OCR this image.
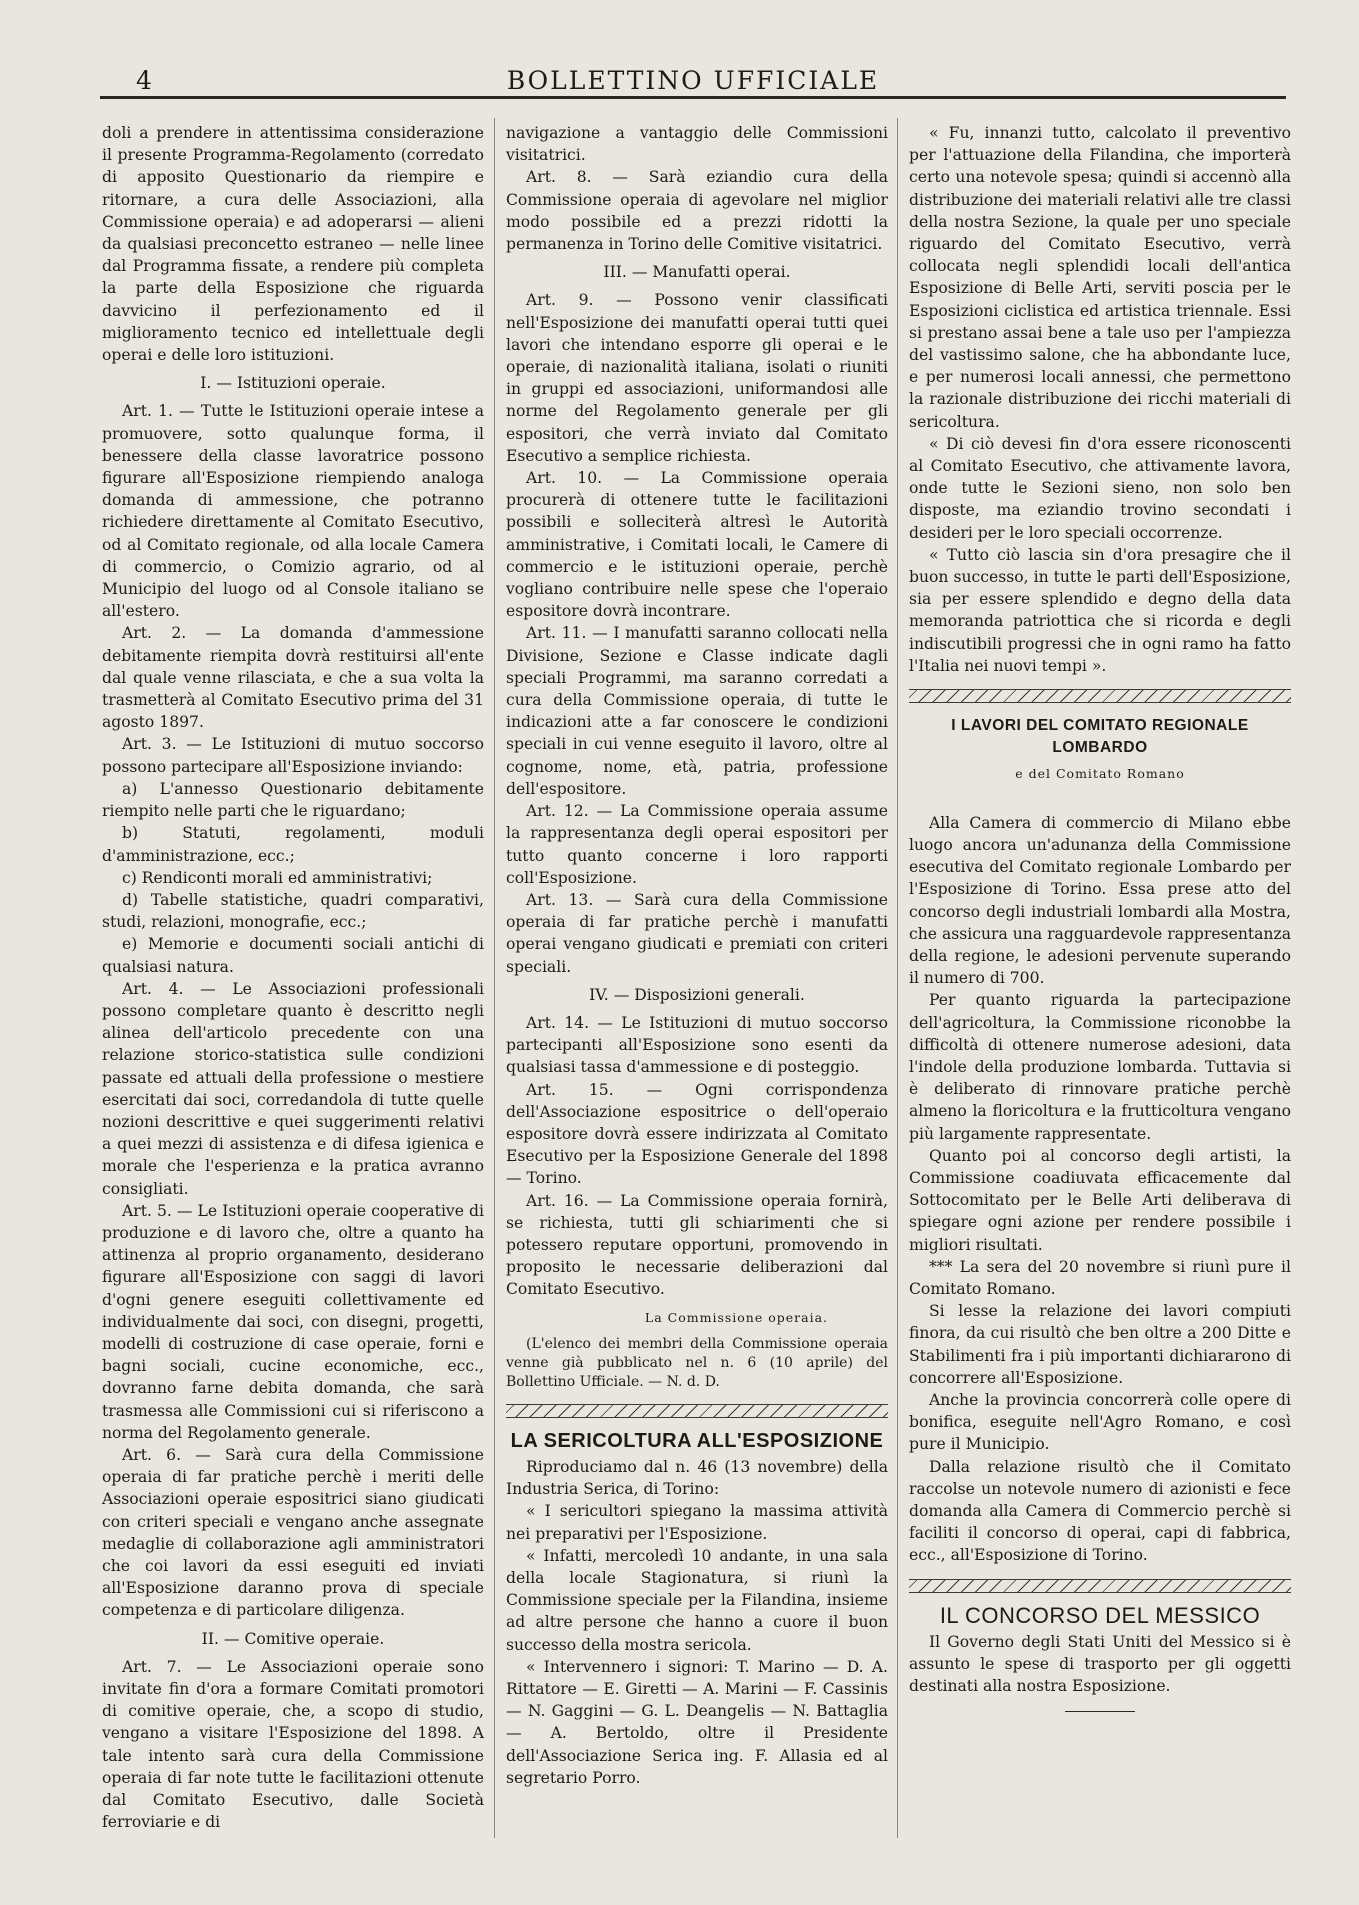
4	BOLLETTINO UFFICIALE

doli a prendere in attentissima considerazione il presente Programma-Regolamento (corredato di apposito Questionario da riempire e ritornare, a cura delle Associazioni, alla Commissione operaia) e ad adoperarsi — alieni da qualsiasi preconcetto estraneo — nelle linee dal Programma fissate, a rendere più completa la parte della Esposizione che riguarda davvicino il perfezionamento ed il miglioramento tecnico ed intellettuale degli operai e delle loro istituzioni.

I. — Istituzioni operaie.

Art. 1. — Tutte le Istituzioni operaie intese a promuovere, sotto qualunque forma, il benessere della classe lavoratrice possono figurare all'Esposizione riempiendo analoga domanda di ammessione, che potranno richiedere direttamente al Comitato Esecutivo, od al Comitato regionale, od alla locale Camera di commercio, o Comizio agrario, od al Municipio del luogo od al Console italiano se all'estero.

Art. 2. — La domanda d'ammessione debitamente riempita dovrà restituirsi all'ente dal quale venne rilasciata, e che a sua volta la trasmetterà al Comitato Esecutivo prima del 31 agosto 1897.

Art. 3. — Le Istituzioni di mutuo soccorso possono partecipare all'Esposizione inviando:

a) L'annesso Questionario debitamente riempito nelle parti che le riguardano;

b) Statuti, regolamenti, moduli d'amministrazione, ecc.;

c) Rendiconti morali ed amministrativi;

d) Tabelle statistiche, quadri comparativi, studi, relazioni, monografie, ecc.;

e) Memorie e documenti sociali antichi di qualsiasi natura.

Art. 4. — Le Associazioni professionali possono completare quanto è descritto negli alinea dell'articolo precedente con una relazione storico-statistica sulle condizioni passate ed attuali della professione o mestiere esercitati dai soci, corredandola di tutte quelle nozioni descrittive e quei suggerimenti relativi a quei mezzi di assistenza e di difesa igienica e morale che l'esperienza e la pratica avranno consigliati.

Art. 5. — Le Istituzioni operaie cooperative di produzione e di lavoro che, oltre a quanto ha attinenza al proprio organamento, desiderano figurare all'Esposizione con saggi di lavori d'ogni genere eseguiti collettivamente ed individualmente dai soci, con disegni, progetti, modelli di costruzione di case operaie, forni e bagni sociali, cucine economiche, ecc., dovranno farne debita domanda, che sarà trasmessa alle Commissioni cui si riferiscono a norma del Regolamento generale.

Art. 6. — Sarà cura della Commissione operaia di far pratiche perchè i meriti delle Associazioni operaie espositrici siano giudicati con criteri speciali e vengano anche assegnate medaglie di collaborazione agli amministratori che coi lavori da essi eseguiti ed inviati all'Esposizione daranno prova di speciale competenza e di particolare diligenza.

II. — Comitive operaie.

Art. 7. — Le Associazioni operaie sono invitate fin d'ora a formare Comitati promotori di comitive operaie, che, a scopo di studio, vengano a visitare l'Esposizione del 1898. A tale intento sarà cura della Commissione operaia di far note tutte le facilitazioni ottenute dal Comitato Esecutivo, dalle Società ferroviarie e di

navigazione a vantaggio delle Commissioni visitatrici.

Art. 8. — Sarà eziandio cura della Commissione operaia di agevolare nel miglior modo possibile ed a prezzi ridotti la permanenza in Torino delle Comitive visitatrici.

III. — Manufatti operai.

Art. 9. — Possono venir classificati nell'Esposizione dei manufatti operai tutti quei lavori che intendano esporre gli operai e le operaie, di nazionalità italiana, isolati o riuniti in gruppi ed associazioni, uniformandosi alle norme del Regolamento generale per gli espositori, che verrà inviato dal Comitato Esecutivo a semplice richiesta.

Art. 10. — La Commissione operaia procurerà di ottenere tutte le facilitazioni possibili e solleciterà altresì le Autorità amministrative, i Comitati locali, le Camere di commercio e le istituzioni operaie, perchè vogliano contribuire nelle spese che l'operaio espositore dovrà incontrare.

Art. 11. — I manufatti saranno collocati nella Divisione, Sezione e Classe indicate dagli speciali Programmi, ma saranno corredati a cura della Commissione operaia, di tutte le indicazioni atte a far conoscere le condizioni speciali in cui venne eseguito il lavoro, oltre al cognome, nome, età, patria, professione dell'espositore.

Art. 12. — La Commissione operaia assume la rappresentanza degli operai espositori per tutto quanto concerne i loro rapporti coll'Esposizione.

Art. 13. — Sarà cura della Commissione operaia di far pratiche perchè i manufatti operai vengano giudicati e premiati con criteri speciali.

IV. — Disposizioni generali.

Art. 14. — Le Istituzioni di mutuo soccorso partecipanti all'Esposizione sono esenti da qualsiasi tassa d'ammessione e di posteggio.

Art. 15. — Ogni corrispondenza dell'Associazione espositrice o dell'operaio espositore dovrà essere indirizzata al Comitato Esecutivo per la Esposizione Generale del 1898 — Torino.

Art. 16. — La Commissione operaia fornirà, se richiesta, tutti gli schiarimenti che si potessero reputare opportuni, promovendo in proposito le necessarie deliberazioni dal Comitato Esecutivo.

La Commissione operaia.

(L'elenco dei membri della Commissione operaia venne già pubblicato nel n. 6 (10 aprile) del Bollettino Ufficiale. — N. d. D.

LA SERICOLTURA ALL'ESPOSIZIONE

Riproduciamo dal n. 46 (13 novembre) della Industria Serica, di Torino:

« I sericultori spiegano la massima attività nei preparativi per l'Esposizione.

« Infatti, mercoledì 10 andante, in una sala della locale Stagionatura, si riunì la Commissione speciale per la Filandina, insieme ad altre persone che hanno a cuore il buon successo della mostra sericola.

« Intervennero i signori: T. Marino — D. A. Rittatore — E. Giretti — A. Marini — F. Cassinis — N. Gaggini — G. L. Deangelis — N. Battaglia — A. Bertoldo, oltre il Presidente dell'Associazione Serica ing. F. Allasia ed al segretario Porro.

« Fu, innanzi tutto, calcolato il preventivo per l'attuazione della Filandina, che importerà certo una notevole spesa; quindi si accennò alla distribuzione dei materiali relativi alle tre classi della nostra Sezione, la quale per uno speciale riguardo del Comitato Esecutivo, verrà collocata negli splendidi locali dell'antica Esposizione di Belle Arti, serviti poscia per le Esposizioni ciclistica ed artistica triennale. Essi si prestano assai bene a tale uso per l'ampiezza del vastissimo salone, che ha abbondante luce, e per numerosi locali annessi, che permettono la razionale distribuzione dei ricchi materiali di sericoltura.

« Di ciò devesi fin d'ora essere riconoscenti al Comitato Esecutivo, che attivamente lavora, onde tutte le Sezioni sieno, non solo ben disposte, ma eziandio trovino secondati i desideri per le loro speciali occorrenze.

« Tutto ciò lascia sin d'ora presagire che il buon successo, in tutte le parti dell'Esposizione, sia per essere splendido e degno della data memoranda patriottica che si ricorda e degli indiscutibili progressi che in ogni ramo ha fatto l'Italia nei nuovi tempi ».

I LAVORI DEL COMITATO REGIONALE LOMBARDO
e del Comitato Romano

Alla Camera di commercio di Milano ebbe luogo ancora un'adunanza della Commissione esecutiva del Comitato regionale Lombardo per l'Esposizione di Torino. Essa prese atto del concorso degli industriali lombardi alla Mostra, che assicura una ragguardevole rappresentanza della regione, le adesioni pervenute superando il numero di 700.

Per quanto riguarda la partecipazione dell'agricoltura, la Commissione riconobbe la difficoltà di ottenere numerose adesioni, data l'indole della produzione lombarda. Tuttavia si è deliberato di rinnovare pratiche perchè almeno la floricoltura e la frutticoltura vengano più largamente rappresentate.

Quanto poi al concorso degli artisti, la Commissione coadiuvata efficacemente dal Sottocomitato per le Belle Arti deliberava di spiegare ogni azione per rendere possibile i migliori risultati.

*** La sera del 20 novembre si riunì pure il Comitato Romano.

Si lesse la relazione dei lavori compiuti finora, da cui risultò che ben oltre a 200 Ditte e Stabilimenti fra i più importanti dichiararono di concorrere all'Esposizione.

Anche la provincia concorrerà colle opere di bonifica, eseguite nell'Agro Romano, e così pure il Municipio.

Dalla relazione risultò che il Comitato raccolse un notevole numero di azionisti e fece domanda alla Camera di Commercio perchè si faciliti il concorso di operai, capi di fabbrica, ecc., all'Esposizione di Torino.

IL CONCORSO DEL MESSICO

Il Governo degli Stati Uniti del Messico si è assunto le spese di trasporto per gli oggetti destinati alla nostra Esposizione.
